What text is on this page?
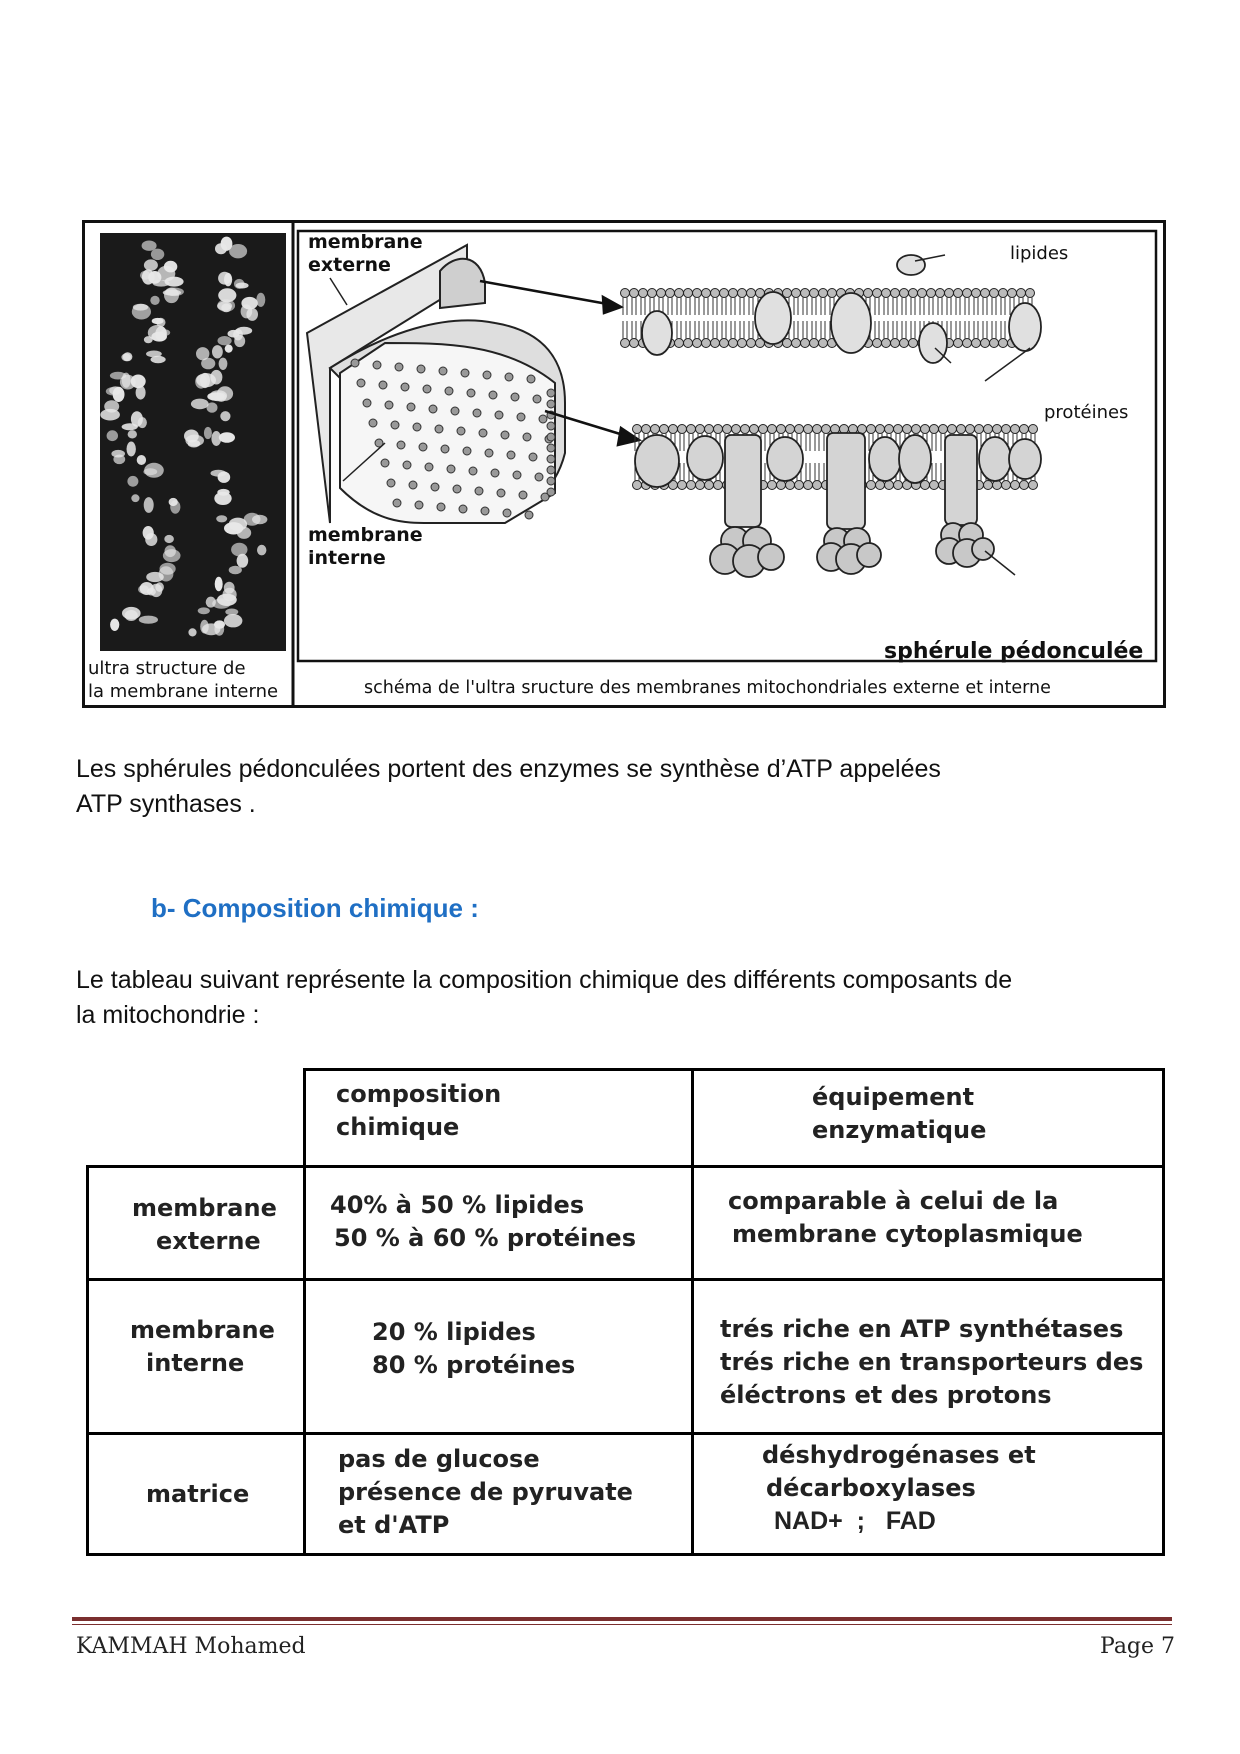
membrane
externe
membrane
interne
lipides
protéines
sphérule pédonculée
ultra structure de
la membrane interne	schéma de l'ultra sructure des membranes mitochondriales externe et interne
Les sphérules pédonculées portent des enzymes se synthèse d’ATP appelées
ATP synthases .
b- Composition chimique :
Le tableau suivant représente la composition chimique des différents composants de
la mitochondrie :
composition
chimique
équipement
enzymatique
membrane
externe
40% à 50 % lipides
50 % à 60 % protéines
comparable à celui de la
membrane cytoplasmique
membrane
interne
20 % lipides
80 % protéines
trés riche en ATP synthétases
trés riche en transporteurs des
éléctrons et des protons
matrice
pas de glucose
présence de pyruvate
et d'ATP
déshydrogénases et
décarboxylases
NAD+  ;   FAD
KAMMAH Mohamed	Page 7
